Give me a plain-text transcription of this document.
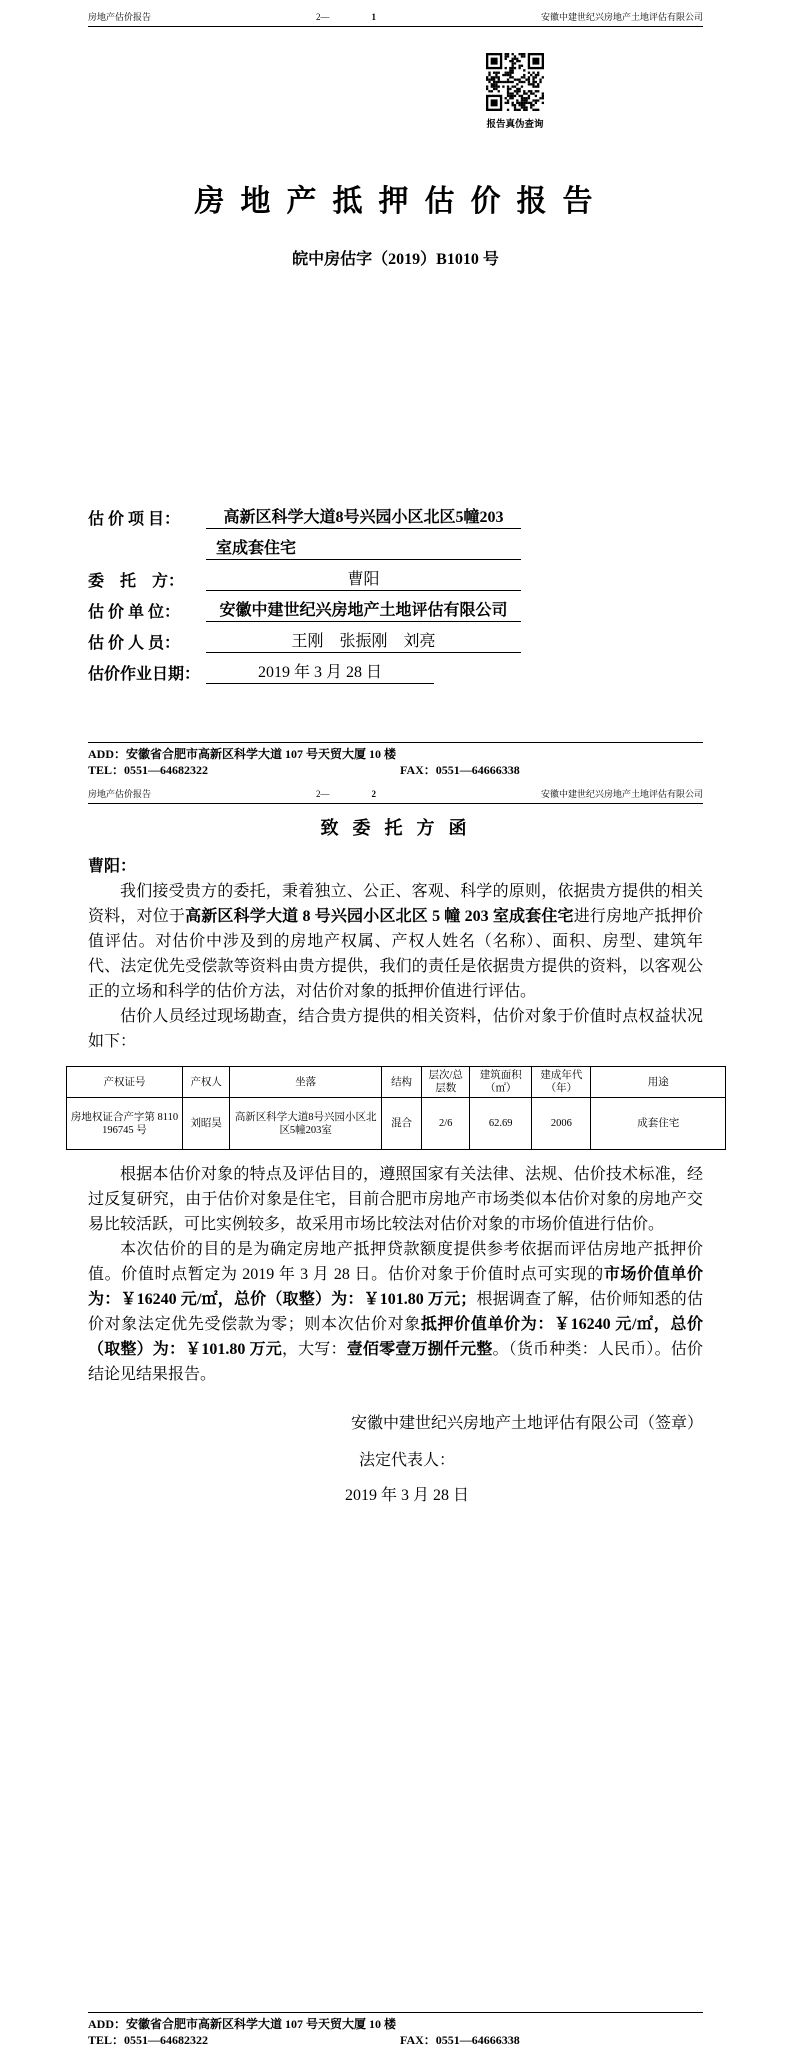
房地产估价报告	2—	1	安徽中建世纪兴房地产土地评估有限公司
报告真伪查询
房地产抵押估价报告
皖中房估字（2019）B1010 号
估 价 项 目：	高新区科学大道8号兴园小区北区5幢203
室成套住宅
委　托　方：	曹阳
估 价 单 位：	安徽中建世纪兴房地产土地评估有限公司
估 价 人 员：	王刚　张振刚　刘亮
估价作业日期：	2019 年 3 月 28 日
ADD：安徽省合肥市高新区科学大道 107 号天贸大厦 10 楼
TEL：0551—64682322	FAX：0551—64666338
房地产估价报告	2—	2	安徽中建世纪兴房地产土地评估有限公司
致委托方函
曹阳：

我们接受贵方的委托，秉着独立、公正、客观、科学的原则，依据贵方提供的相关资料，对位于高新区科学大道 8 号兴园小区北区 5 幢 203 室成套住宅进行房地产抵押价值评估。对估价中涉及到的房地产权属、产权人姓名（名称）、面积、房型、建筑年代、法定优先受偿款等资料由贵方提供，我们的责任是依据贵方提供的资料，以客观公正的立场和科学的估价方法，对估价对象的抵押价值进行评估。

估价人员经过现场勘查，结合贵方提供的相关资料，估价对象于价值时点权益状况如下：

产权证号	产权人	坐落	结构	层次/总层数	建筑面积（㎡）	建成年代（年）	用途
房地权证合产字第 8110196745 号	刘昭昊	高新区科学大道8号兴园小区北区5幢203室	混合	2/6	62.69	2006	成套住宅

根据本估价对象的特点及评估目的，遵照国家有关法律、法规、估价技术标准，经过反复研究，由于估价对象是住宅，目前合肥市房地产市场类似本估价对象的房地产交易比较活跃，可比实例较多，故采用市场比较法对估价对象的市场价值进行估价。

本次估价的目的是为确定房地产抵押贷款额度提供参考依据而评估房地产抵押价值。价值时点暂定为 2019 年 3 月 28 日。估价对象于价值时点可实现的市场价值单价为：￥16240 元/㎡，总价（取整）为：￥101.80 万元；根据调查了解，估价师知悉的估价对象法定优先受偿款为零；则本次估价对象抵押价值单价为：￥16240 元/㎡，总价（取整）为：￥101.80 万元，大写：壹佰零壹万捌仟元整。（货币种类：人民币）。估价结论见结果报告。

安徽中建世纪兴房地产土地评估有限公司（签章）
法定代表人：
2019 年 3 月 28 日
ADD：安徽省合肥市高新区科学大道 107 号天贸大厦 10 楼
TEL：0551—64682322	FAX：0551—64666338
